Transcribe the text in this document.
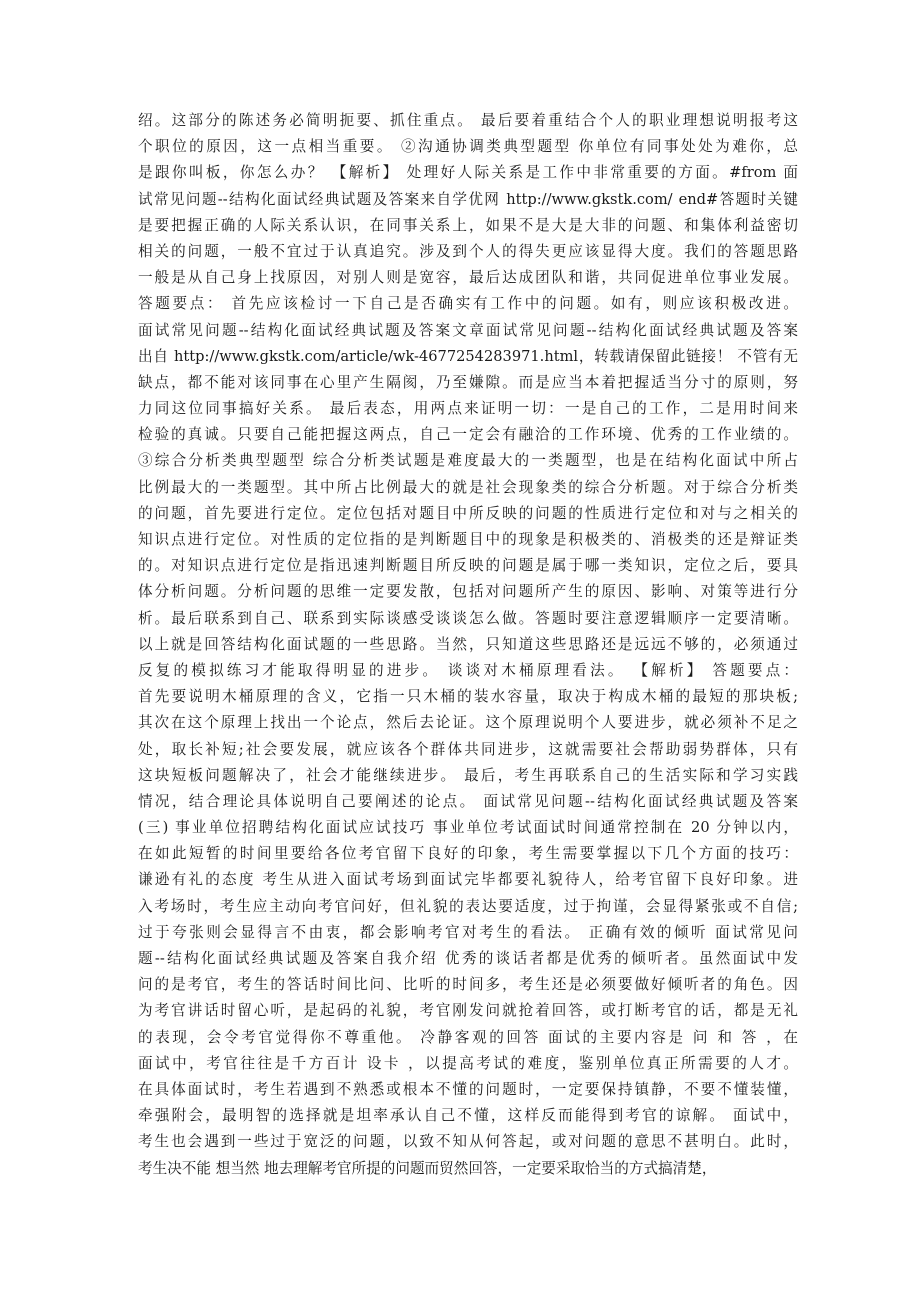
绍。这部分的陈述务必简明扼要、抓住重点。 最后要着重结合个人的职业理想说明报考这
个职位的原因，这一点相当重要。 ②沟通协调类典型题型 你单位有同事处处为难你，总
是跟你叫板，你怎么办？ 【解析】 处理好人际关系是工作中非常重要的方面。#from 面
试常见问题--结构化面试经典试题及答案来自学优网 http://www.gkstk.com/ end#答题时关键
是要把握正确的人际关系认识，在同事关系上，如果不是大是大非的问题、和集体利益密切
相关的问题，一般不宜过于认真追究。涉及到个人的得失更应该显得大度。我们的答题思路
一般是从自己身上找原因，对别人则是宽容，最后达成团队和谐，共同促进单位事业发展。
答题要点： 首先应该检讨一下自己是否确实有工作中的问题。如有，则应该积极改进。
面试常见问题--结构化面试经典试题及答案文章面试常见问题--结构化面试经典试题及答案
出自 http://www.gkstk.com/article/wk-4677254283971.html，转载请保留此链接！ 不管有无
缺点，都不能对该同事在心里产生隔阂，乃至嫌隙。而是应当本着把握适当分寸的原则，努
力同这位同事搞好关系。 最后表态，用两点来证明一切：一是自己的工作，二是用时间来
检验的真诚。只要自己能把握这两点，自己一定会有融洽的工作环境、优秀的工作业绩的。
③综合分析类典型题型 综合分析类试题是难度最大的一类题型，也是在结构化面试中所占
比例最大的一类题型。其中所占比例最大的就是社会现象类的综合分析题。对于综合分析类
的问题，首先要进行定位。定位包括对题目中所反映的问题的性质进行定位和对与之相关的
知识点进行定位。对性质的定位指的是判断题目中的现象是积极类的、消极类的还是辩证类
的。对知识点进行定位是指迅速判断题目所反映的问题是属于哪一类知识，定位之后，要具
体分析问题。分析问题的思维一定要发散，包括对问题所产生的原因、影响、对策等进行分
析。最后联系到自己、联系到实际谈感受谈谈怎么做。答题时要注意逻辑顺序一定要清晰。
以上就是回答结构化面试题的一些思路。当然，只知道这些思路还是远远不够的，必须通过
反复的模拟练习才能取得明显的进步。 谈谈对木桶原理看法。 【解析】 答题要点：
首先要说明木桶原理的含义，它指一只木桶的装水容量，取决于构成木桶的最短的那块板;
其次在这个原理上找出一个论点，然后去论证。这个原理说明个人要进步，就必须补不足之
处，取长补短;社会要发展，就应该各个群体共同进步，这就需要社会帮助弱势群体，只有
这块短板问题解决了，社会才能继续进步。 最后，考生再联系自己的生活实际和学习实践
情况，结合理论具体说明自己要阐述的论点。 面试常见问题--结构化面试经典试题及答案
(三) 事业单位招聘结构化面试应试技巧 事业单位考试面试时间通常控制在 20 分钟以内，
在如此短暂的时间里要给各位考官留下良好的印象，考生需要掌握以下几个方面的技巧：
谦逊有礼的态度 考生从进入面试考场到面试完毕都要礼貌待人，给考官留下良好印象。进
入考场时，考生应主动向考官问好，但礼貌的表达要适度，过于拘谨，会显得紧张或不自信;
过于夸张则会显得言不由衷，都会影响考官对考生的看法。 正确有效的倾听 面试常见问
题--结构化面试经典试题及答案自我介绍 优秀的谈话者都是优秀的倾听者。虽然面试中发
问的是考官，考生的答话时间比问、比听的时间多，考生还是必须要做好倾听者的角色。因
为考官讲话时留心听，是起码的礼貌，考官刚发问就抢着回答，或打断考官的话，都是无礼
的表现，会令考官觉得你不尊重他。 冷静客观的回答 面试的主要内容是 问 和 答 ，在
面试中，考官往往是千方百计 设卡 ，以提高考试的难度，鉴别单位真正所需要的人才。
在具体面试时，考生若遇到不熟悉或根本不懂的问题时，一定要保持镇静，不要不懂装懂，
牵强附会，最明智的选择就是坦率承认自己不懂，这样反而能得到考官的谅解。 面试中，
考生也会遇到一些过于宽泛的问题，以致不知从何答起，或对问题的意思不甚明白。此时，
考生决不能 想当然 地去理解考官所提的问题而贸然回答，一定要采取恰当的方式搞清楚，
